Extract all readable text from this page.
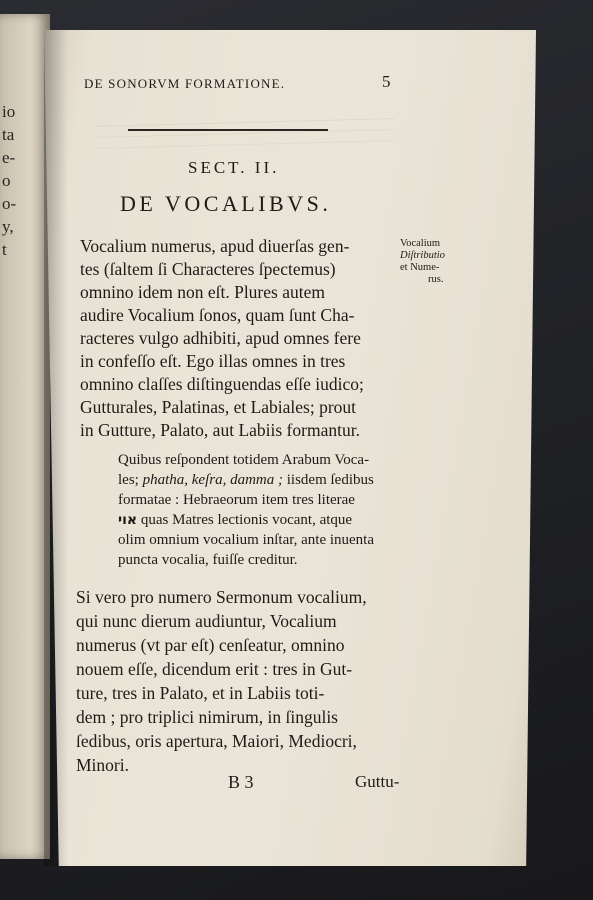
io
ta
e-
o
o-
y,
t
DE SONORVM FORMATIONE.	5
SECT. II.
DE VOCALIBVS.
Vocalium
Diſtributio
et Nume-
rus.
Vocalium numerus, apud diuerſas gen-
tes (ſaltem ſi Characteres ſpectemus)
omnino idem non eſt. Plures autem
audire Vocalium ſonos, quam ſunt Cha-
racteres vulgo adhibiti, apud omnes fere
in confeſſo eſt. Ego illas omnes in tres
omnino claſſes diſtinguendas eſſe iudico;
Gutturales, Palatinas, et Labiales; prout
in Gutture, Palato, aut Labiis formantur.
Quibus reſpondent totidem Arabum Voca-
les; phatha, keſra, damma ; iisdem ſedibus
formatae : Hebraeorum item tres literae
אוי quas Matres lectionis vocant, atque
olim omnium vocalium inſtar, ante inuenta
puncta vocalia, fuiſſe creditur.
Si vero pro numero Sermonum vocalium,
qui nunc dierum audiuntur, Vocalium
numerus (vt par eſt) cenſeatur, omnino
nouem eſſe, dicendum erit : tres in Gut-
ture, tres in Palato, et in Labiis toti-
dem ; pro triplici nimirum, in ſingulis
ſedibus, oris apertura, Maiori, Mediocri,
Minori.
B 3	Guttu-
